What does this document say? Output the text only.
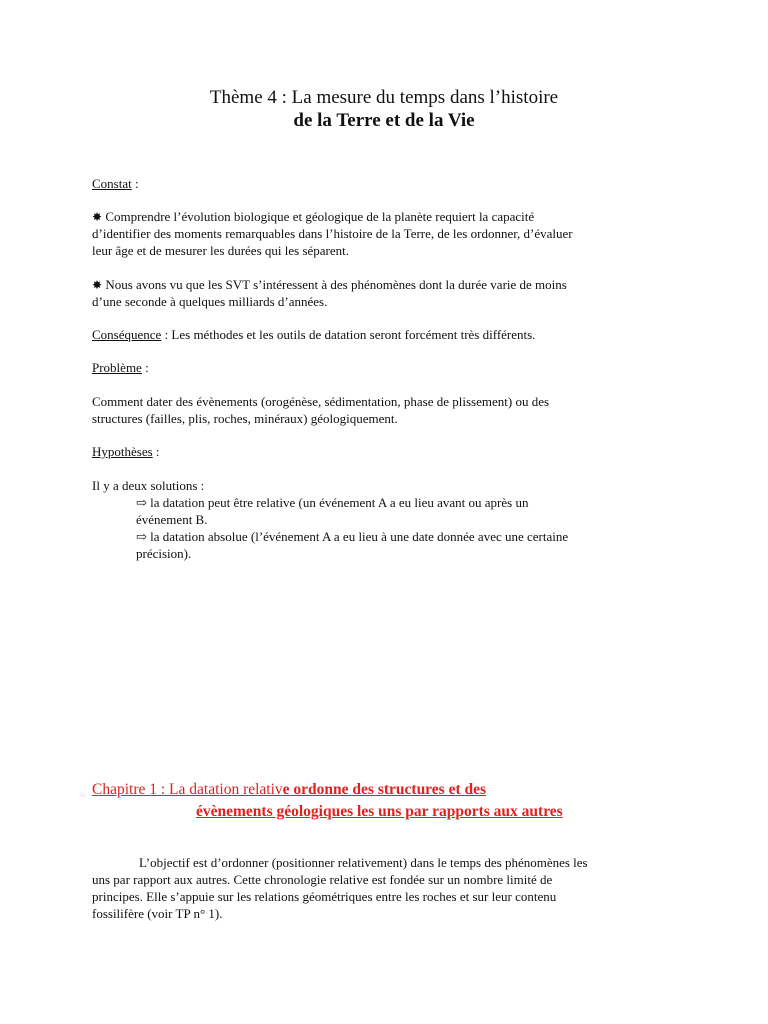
Thème 4 : La mesure du temps dans l’histoire
de la Terre et de la Vie
Constat :
✸ Comprendre l’évolution biologique et géologique de la planète requiert la capacité
d’identifier des moments remarquables dans l’histoire de la Terre, de les ordonner, d’évaluer
leur âge et de mesurer les durées qui les séparent.
✸ Nous avons vu que les SVT s’intéressent à des phénomènes dont la durée varie de moins
d’une seconde à quelques milliards d’années.
Conséquence : Les méthodes et les outils de datation seront forcément très différents.
Problème :
Comment dater des évènements (orogénèse, sédimentation, phase de plissement) ou des
structures (failles, plis, roches, minéraux) géologiquement.
Hypothèses :
Il y a deux solutions :
⇨ la datation peut être relative (un événement A a eu lieu avant ou après un
événement B.
⇨ la datation absolue (l’événement A a eu lieu à une date donnée avec une certaine
précision).
Chapitre 1 : La datation relative ordonne des structures et des
évènements géologiques les uns par rapports aux autres
L’objectif est d’ordonner (positionner relativement) dans le temps des phénomènes les
uns par rapport aux autres. Cette chronologie relative est fondée sur un nombre limité de
principes. Elle s’appuie sur les relations géométriques entre les roches et sur leur contenu
fossilifère (voir TP n° 1).
